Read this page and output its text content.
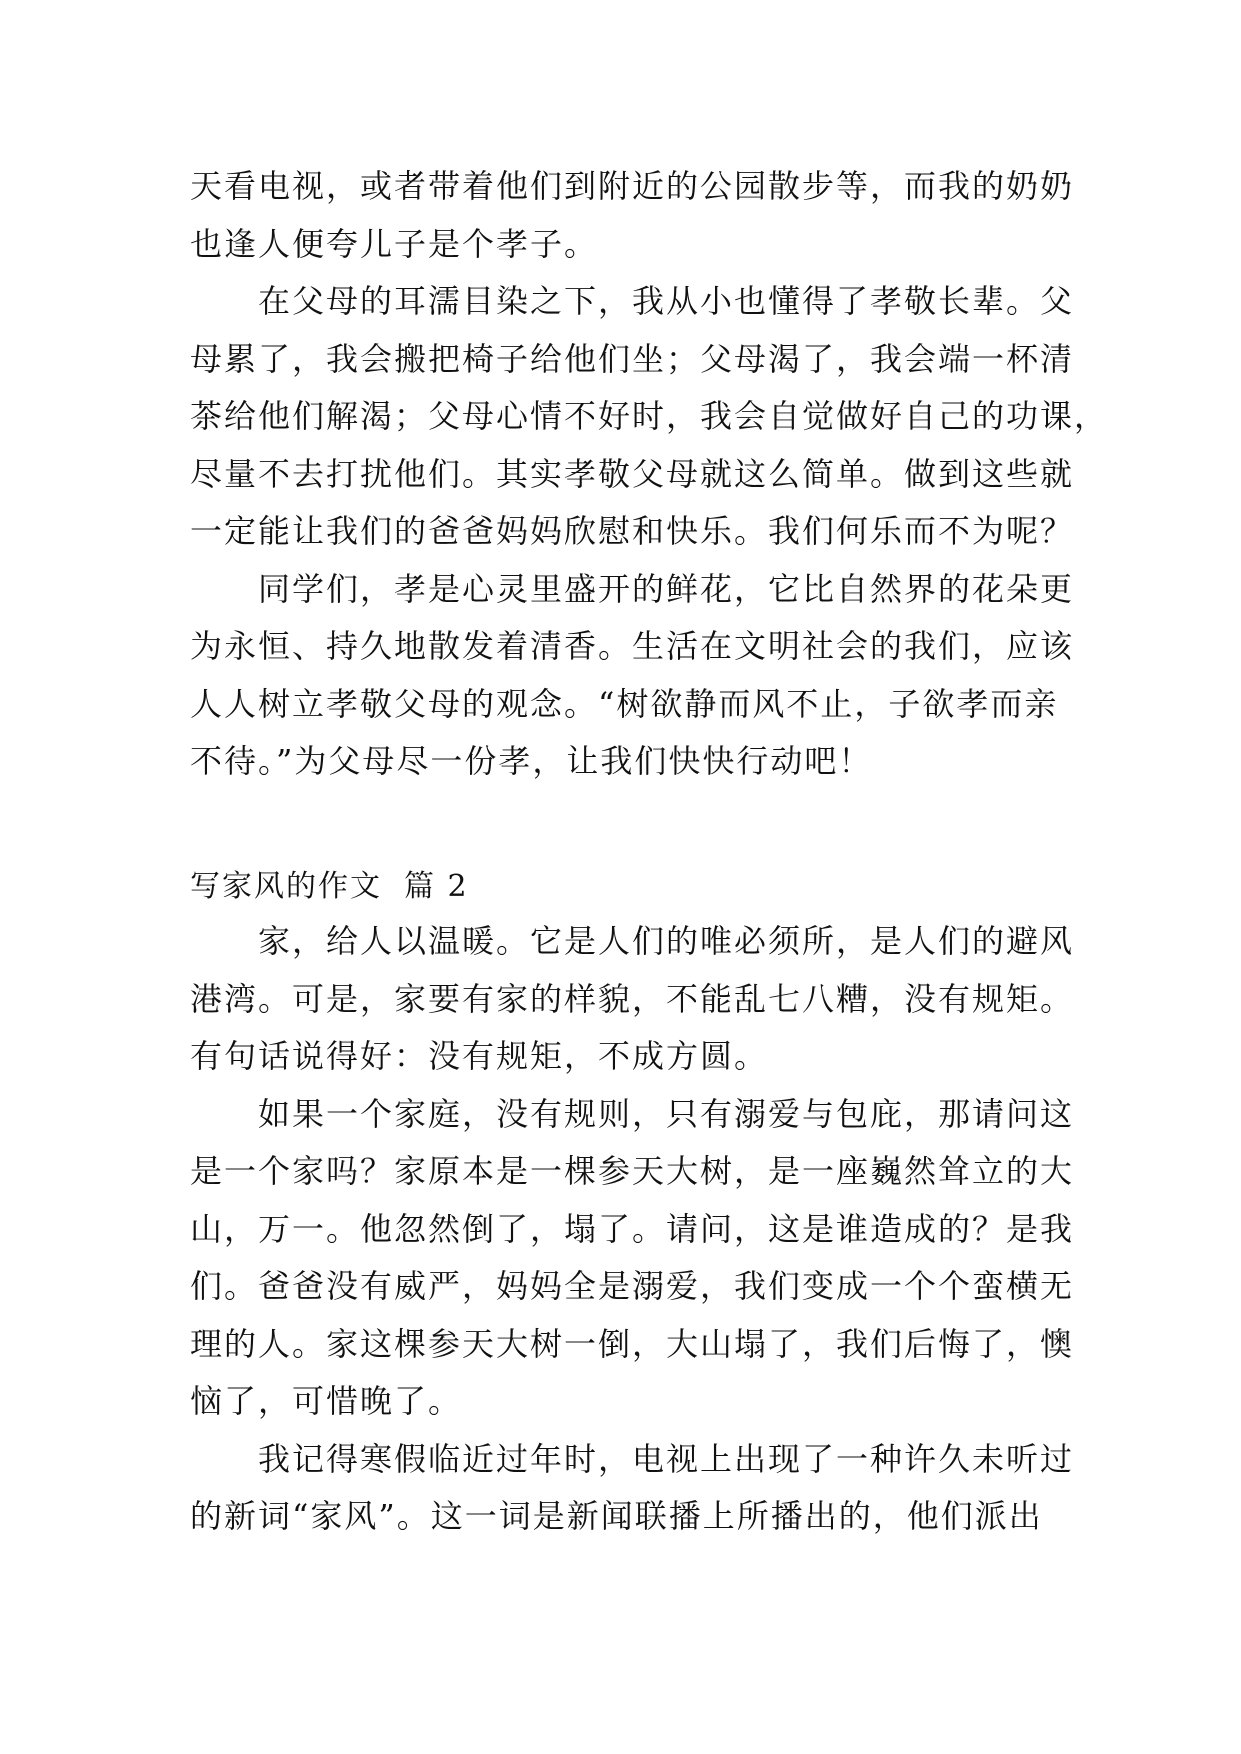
天看电视，或者带着他们到附近的公园散步等，而我的奶奶
也逢人便夸儿子是个孝子。
　　在父母的耳濡目染之下，我从小也懂得了孝敬长辈。父
母累了，我会搬把椅子给他们坐；父母渴了，我会端一杯清
茶给他们解渴；父母心情不好时，我会自觉做好自己的功课，
尽量不去打扰他们。其实孝敬父母就这么简单。做到这些就
一定能让我们的爸爸妈妈欣慰和快乐。我们何乐而不为呢？
　　同学们，孝是心灵里盛开的鲜花，它比自然界的花朵更
为永恒、持久地散发着清香。生活在文明社会的我们，应该
人人树立孝敬父母的观念。“树欲静而风不止，子欲孝而亲
不待。”为父母尽一份孝，让我们快快行动吧！
写家风的作文 篇 2
　　家，给人以温暖。它是人们的唯必须所，是人们的避风
港湾。可是，家要有家的样貌，不能乱七八糟，没有规矩。
有句话说得好：没有规矩，不成方圆。
　　如果一个家庭，没有规则，只有溺爱与包庇，那请问这
是一个家吗？家原本是一棵参天大树，是一座巍然耸立的大
山，万一。他忽然倒了，塌了。请问，这是谁造成的？是我
们。爸爸没有威严，妈妈全是溺爱，我们变成一个个蛮横无
理的人。家这棵参天大树一倒，大山塌了，我们后悔了，懊
恼了，可惜晚了。
　　我记得寒假临近过年时，电视上出现了一种许久未听过
的新词“家风”。这一词是新闻联播上所播出的，他们派出
